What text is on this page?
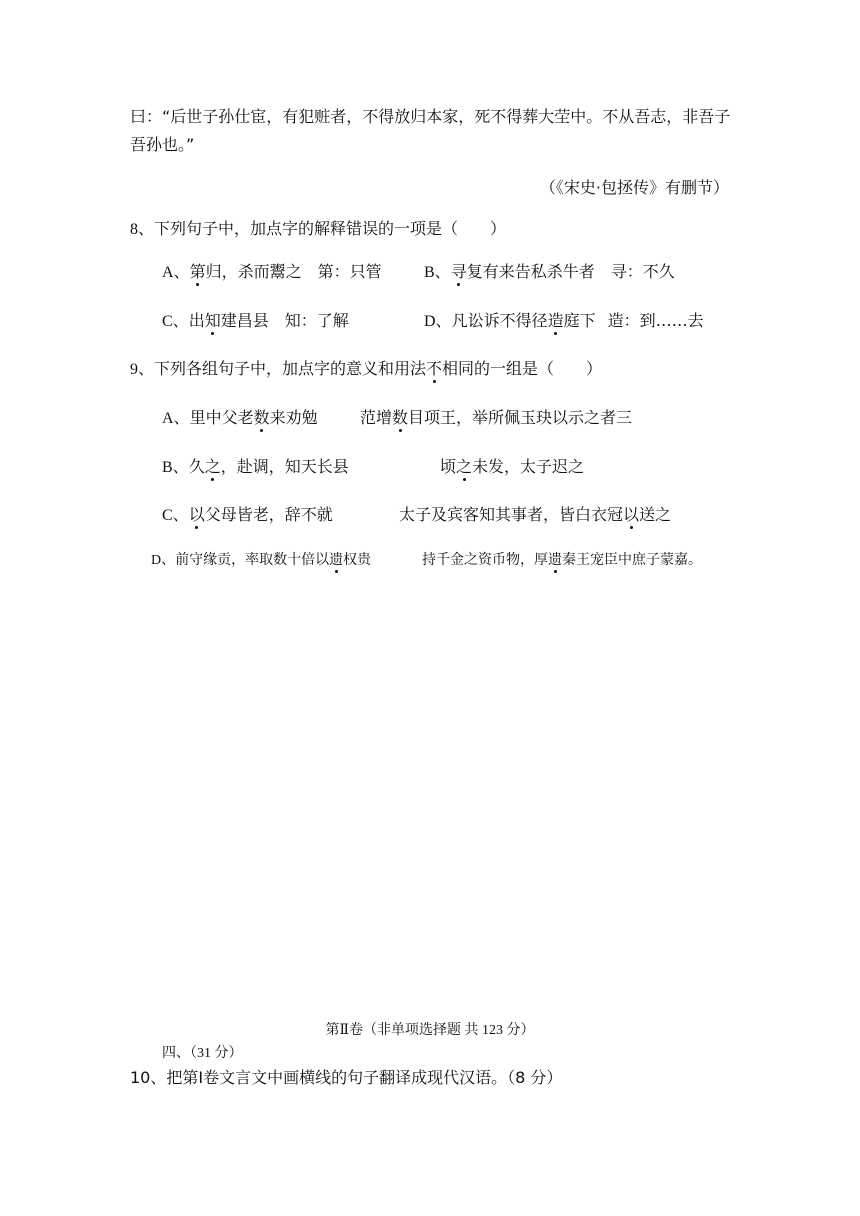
曰：“后世子孙仕宦，有犯赃者，不得放归本家，死不得葬大茔中。不从吾志，非吾子
吾孙也。”
（《宋史·包拯传》有删节）
8、下列句子中，加点字的解释错误的一项是（　　）
A、第归，杀而鬻之 第：只管	B、寻复有来告私杀牛者 寻：不久
C、出知建昌县 知：了解	D、凡讼诉不得径造庭下 造：到……去
9、下列各组句子中，加点字的意义和用法不相同的一组是（　　）
A、里中父老数来劝勉	范增数目项王，举所佩玉玦以示之者三
B、久之，赴调，知天长县	顷之未发，太子迟之
C、以父母皆老，辞不就	太子及宾客知其事者，皆白衣冠以送之
D、前守缘贡，率取数十倍以遗权贵	持千金之资币物，厚遗秦王宠臣中庶子蒙嘉。
第Ⅱ卷（非单项选择题 共 123 分）
四、（31 分）
10、把第Ⅰ卷文言文中画横线的句子翻译成现代汉语。（8 分）
